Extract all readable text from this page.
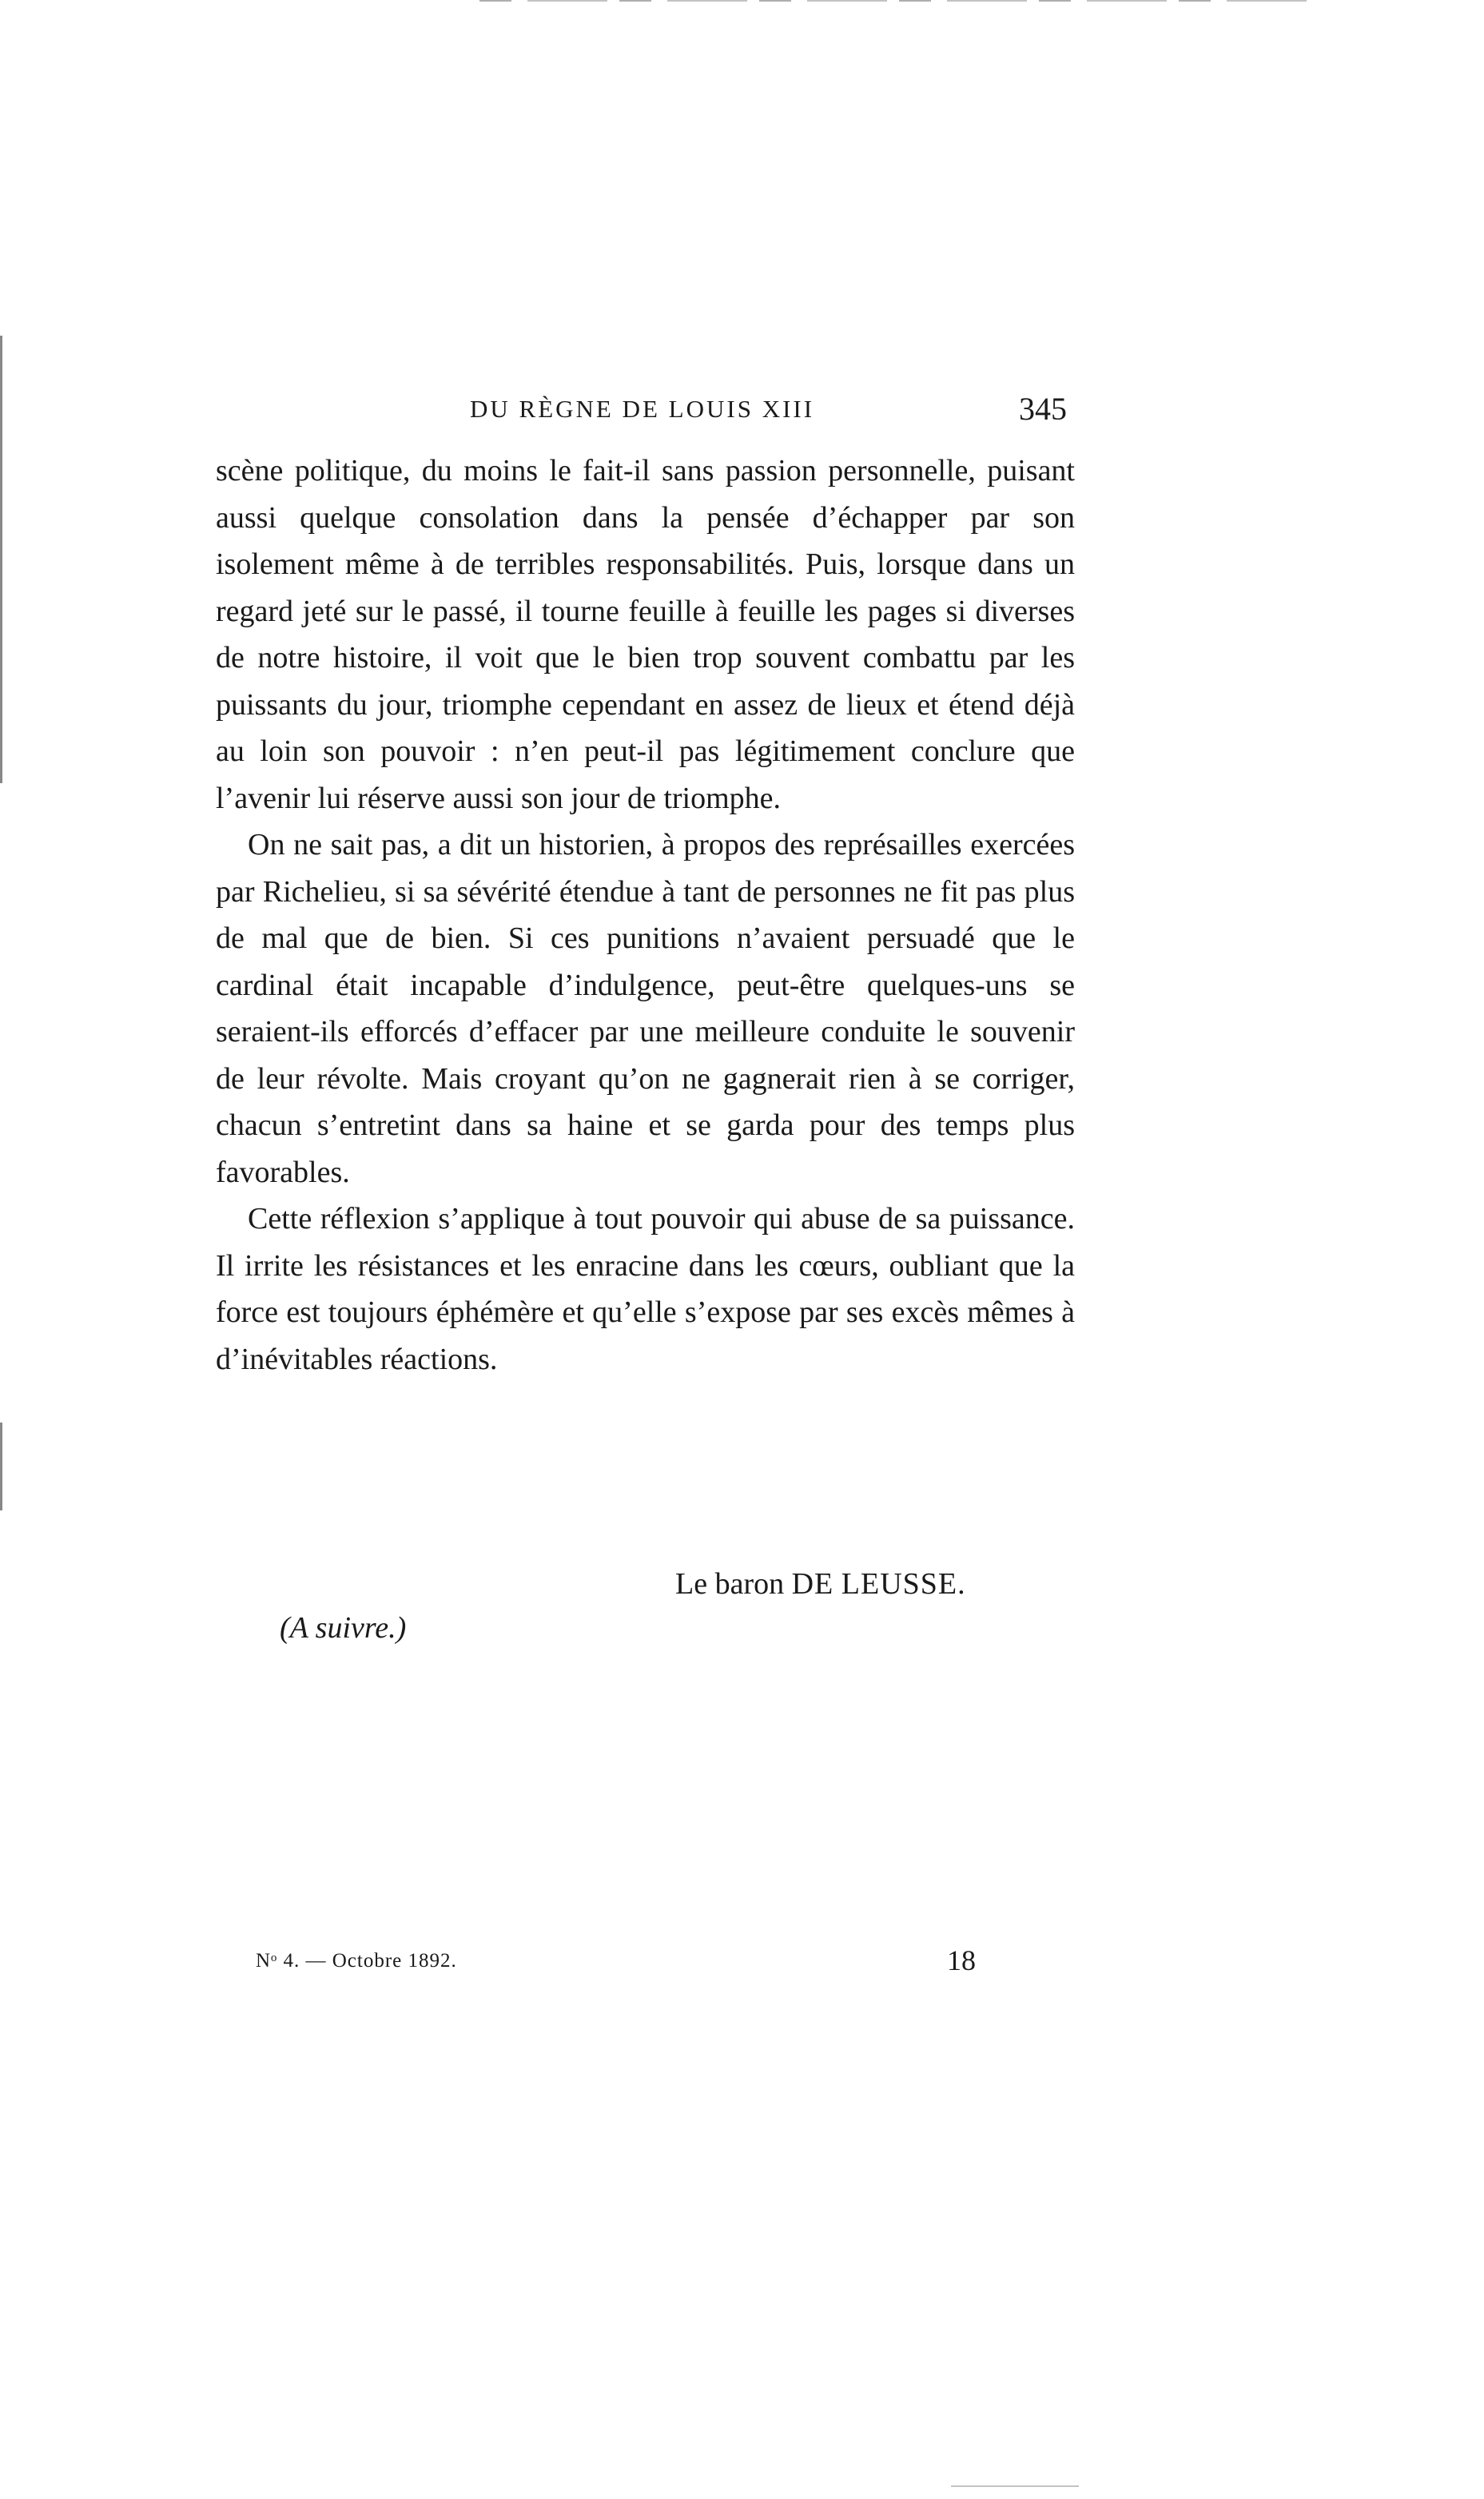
DU RÈGNE DE LOUIS XIII	345

scène politique, du moins le fait-il sans passion personnelle, puisant aussi quelque consolation dans la pensée d’échapper par son isolement même à de terribles responsabilités. Puis, lorsque dans un regard jeté sur le passé, il tourne feuille à feuille les pages si diverses de notre histoire, il voit que le bien trop souvent combattu par les puissants du jour, triomphe cependant en assez de lieux et étend déjà au loin son pouvoir : n’en peut-il pas légitimement conclure que l’avenir lui réserve aussi son jour de triomphe.

On ne sait pas, a dit un historien, à propos des représailles exercées par Richelieu, si sa sévérité étendue à tant de personnes ne fit pas plus de mal que de bien. Si ces punitions n’avaient persuadé que le cardinal était incapable d’indulgence, peut-être quelques-uns se seraient-ils efforcés d’effacer par une meilleure conduite le souvenir de leur révolte. Mais croyant qu’on ne gagnerait rien à se corriger, chacun s’entretint dans sa haine et se garda pour des temps plus favorables.

Cette réflexion s’applique à tout pouvoir qui abuse de sa puissance. Il irrite les résistances et les enracine dans les cœurs, oubliant que la force est toujours éphémère et qu’elle s’expose par ses excès mêmes à d’inévitables réactions.

Le baron DE LEUSSE.
(A suivre.)
Nᵒ 4. — Octobre 1892.	18
